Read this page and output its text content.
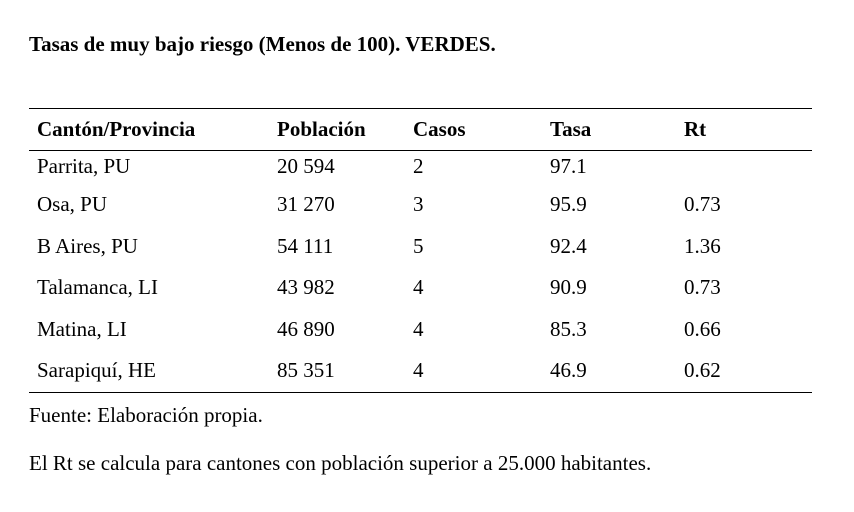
Tasas de muy bajo riesgo (Menos de 100). VERDES.
Cantón/Provincia	Población	Casos	Tasa	Rt
Parrita, PU	20 594	2	97.1	
Osa, PU	31 270	3	95.9	0.73
B Aires, PU	54 111	5	92.4	1.36
Talamanca, LI	43 982	4	90.9	0.73
Matina, LI	46 890	4	85.3	0.66
Sarapiquí, HE	85 351	4	46.9	0.62
Fuente: Elaboración propia.
El Rt se calcula para cantones con población superior a 25.000 habitantes.
